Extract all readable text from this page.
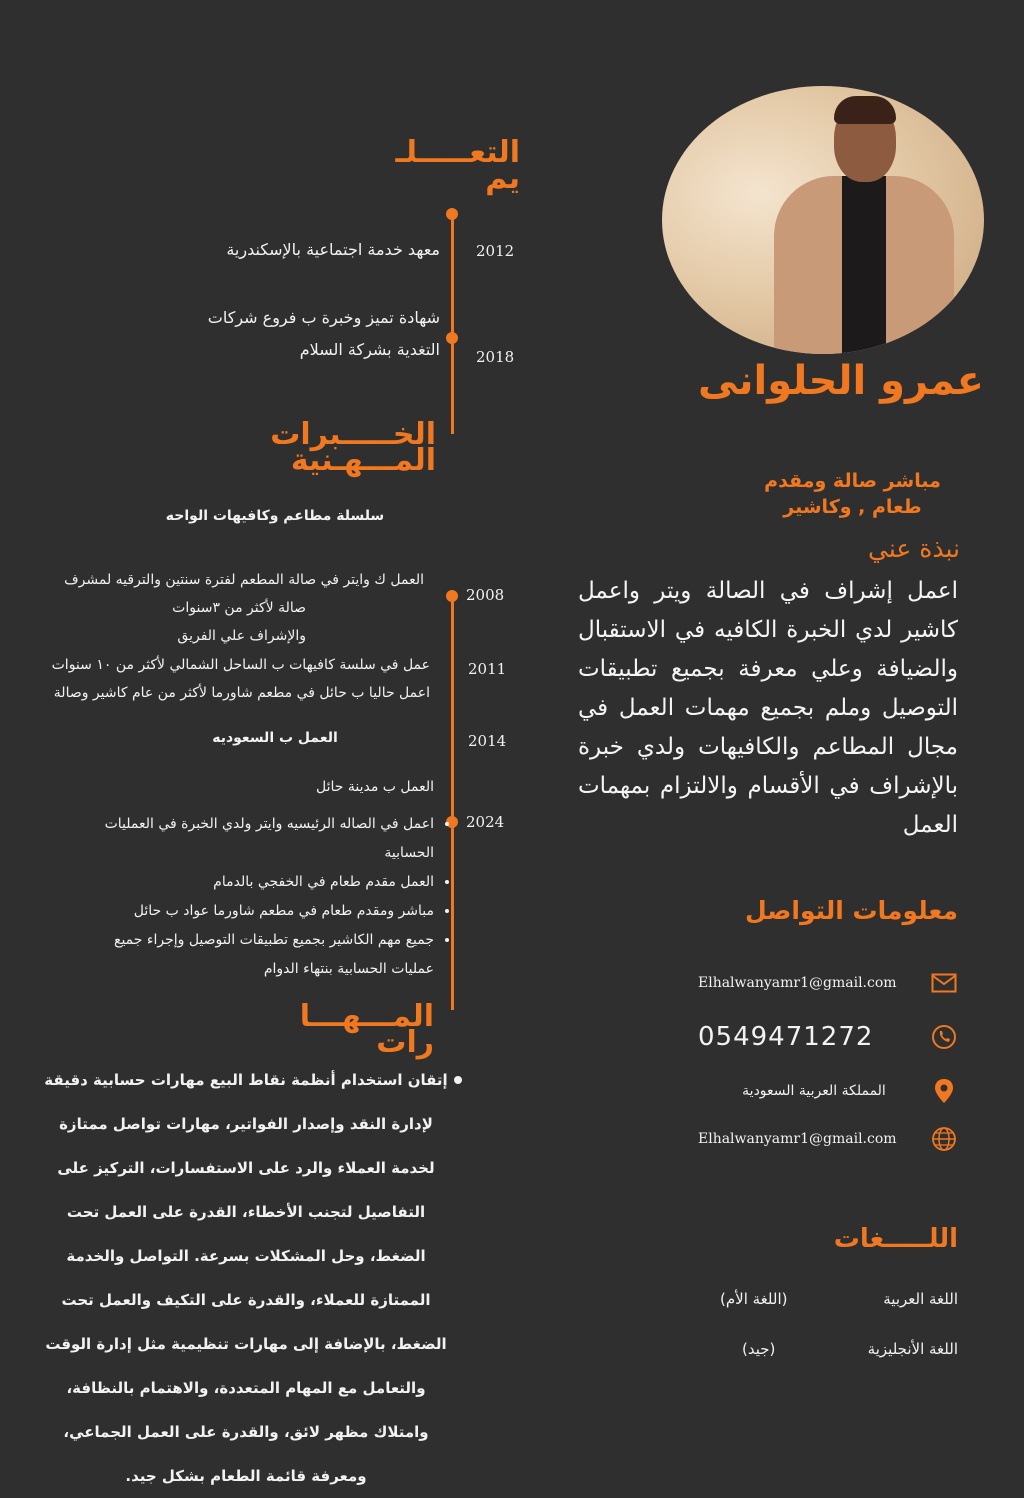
عمرو الحلوانى
مباشر صالة ومقدم طعام , وكاشير
نبذة عني
اعمل إشراف في الصالة ويتر واعمل كاشير لدي الخبرة الكافيه في الاستقبال والضيافة وعلي معرفة بجميع تطبيقات التوصيل وملم بجميع مهمات العمل في مجال المطاعم والكافيهات ولدي خبرة بالإشراف في الأقسام والالتزام بمهمات العمل
معلومات التواصل
Elhalwanyamr1@gmail.com
0549471272
المملكة العربية السعودية
Elhalwanyamr1@gmail.com
اللـــــغات
اللغة العربية
(اللغة الأم)
اللغة الأنجليزية
(جيد)
التعـــــلـ
يم
2012
معهد خدمة اجتماعية بالإسكندرية
2018
شهادة تميز وخبرة ب فروع شركات التغدية بشركة السلام
الخـــــبرات
المـــهـنية
سلسلة مطاعم وكافيهات الواحه
2008
2011
2014
2024
العمل ك وايتر في صالة المطعم لفترة سنتين والترقيه لمشرف
صالة لأكثر من ٣سنوات
والإشراف علي الفريق
عمل في سلسة كافيهات ب الساحل الشمالي لأكثر من ١٠ سنوات
اعمل حاليا ب حائل في مطعم شاورما لأكثر من عام كاشير وصالة
العمل ب السعوديه
العمل ب مدينة حائل
• اعمل في الصاله الرئيسيه وايتر ولدي الخبرة في العمليات الحسابية
• العمل مقدم طعام في الخفجي بالدمام
• مباشر ومقدم طعام في مطعم شاورما عواد ب حائل
• جميع مهم الكاشير بجميع تطبيقات التوصيل وإجراء جميع عمليات الحسابية بنتهاء الدوام
المـــهـــا
رات
إتقان استخدام أنظمة نقاط البيع مهارات حسابية دقيقة لإدارة النقد وإصدار الفواتير، مهارات تواصل ممتازة لخدمة العملاء والرد على الاستفسارات، التركيز على التفاصيل لتجنب الأخطاء، القدرة على العمل تحت الضغط، وحل المشكلات بسرعة. التواصل والخدمة الممتازة للعملاء، والقدرة على التكيف والعمل تحت الضغط، بالإضافة إلى مهارات تنظيمية مثل إدارة الوقت والتعامل مع المهام المتعددة، والاهتمام بالنظافة، وامتلاك مظهر لائق، والقدرة على العمل الجماعي، ومعرفة قائمة الطعام بشكل جيد.
